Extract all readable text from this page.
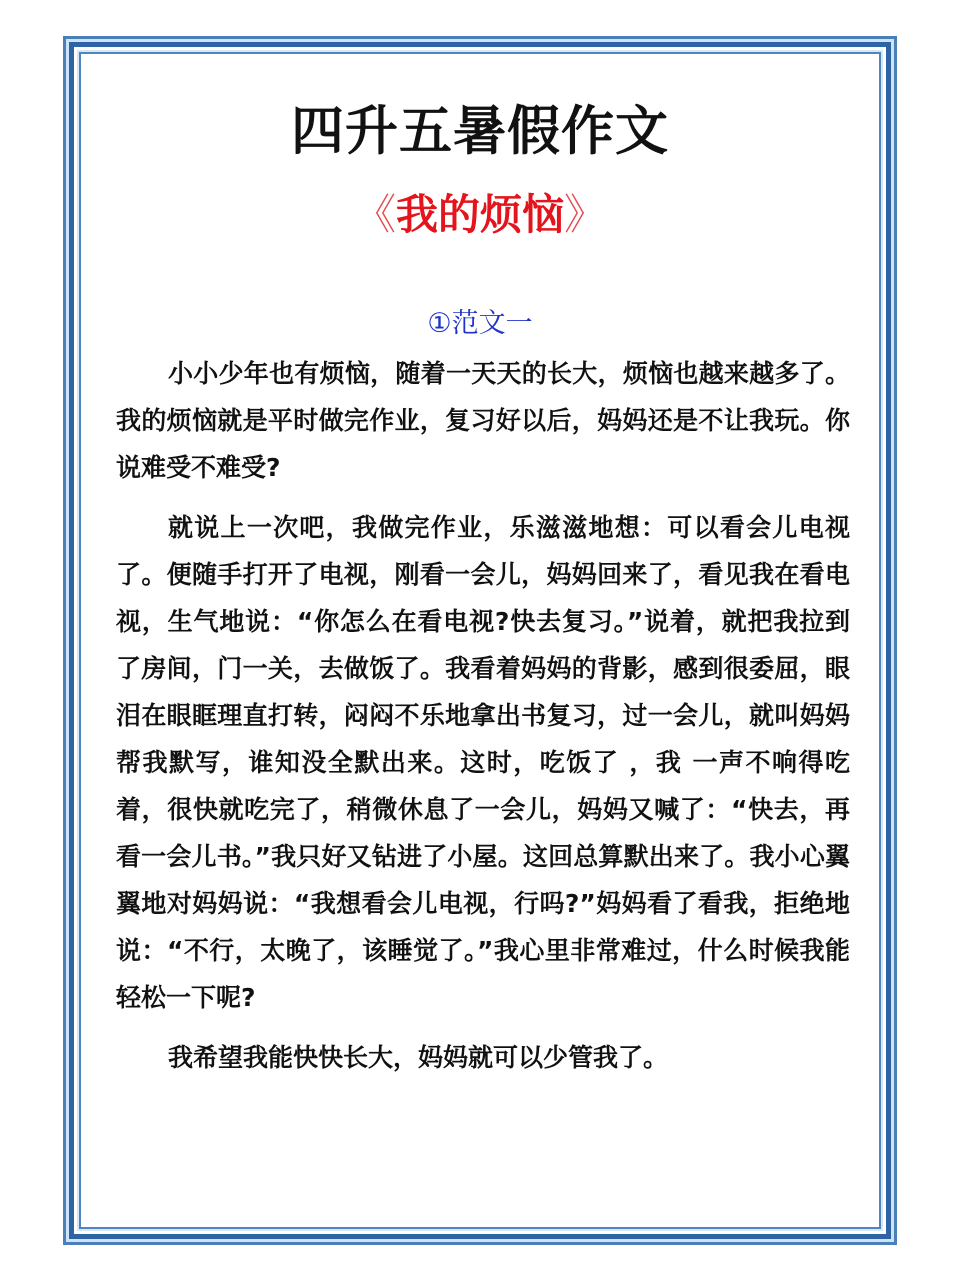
四升五暑假作文
《我的烦恼》
①范文一

小小少年也有烦恼，随着一天天的长大，烦恼也越来越多了。我的烦恼就是平时做完作业，复习好以后，妈妈还是不让我玩。你说难受不难受?

就说上一次吧，我做完作业，乐滋滋地想：可以看会儿电视了。便随手打开了电视，刚看一会儿，妈妈回来了，看见我在看电视，生气地说：“你怎么在看电视?快去复习。”说着，就把我拉到了房间，门一关，去做饭了。我看着妈妈的背影，感到很委屈，眼泪在眼眶理直打转，闷闷不乐地拿出书复习，过一会儿，就叫妈妈帮我默写，谁知没全默出来。这时，吃饭了 ，我 一声不响得吃着，很快就吃完了，稍微休息了一会儿，妈妈又喊了：“快去，再看一会儿书。”我只好又钻进了小屋。这回总算默出来了。我小心翼翼地对妈妈说：“我想看会儿电视，行吗?”妈妈看了看我，拒绝地说：“不行，太晚了，该睡觉了。”我心里非常难过，什么时候我能 轻松一下呢?

我希望我能快快长大，妈妈就可以少管我了。
